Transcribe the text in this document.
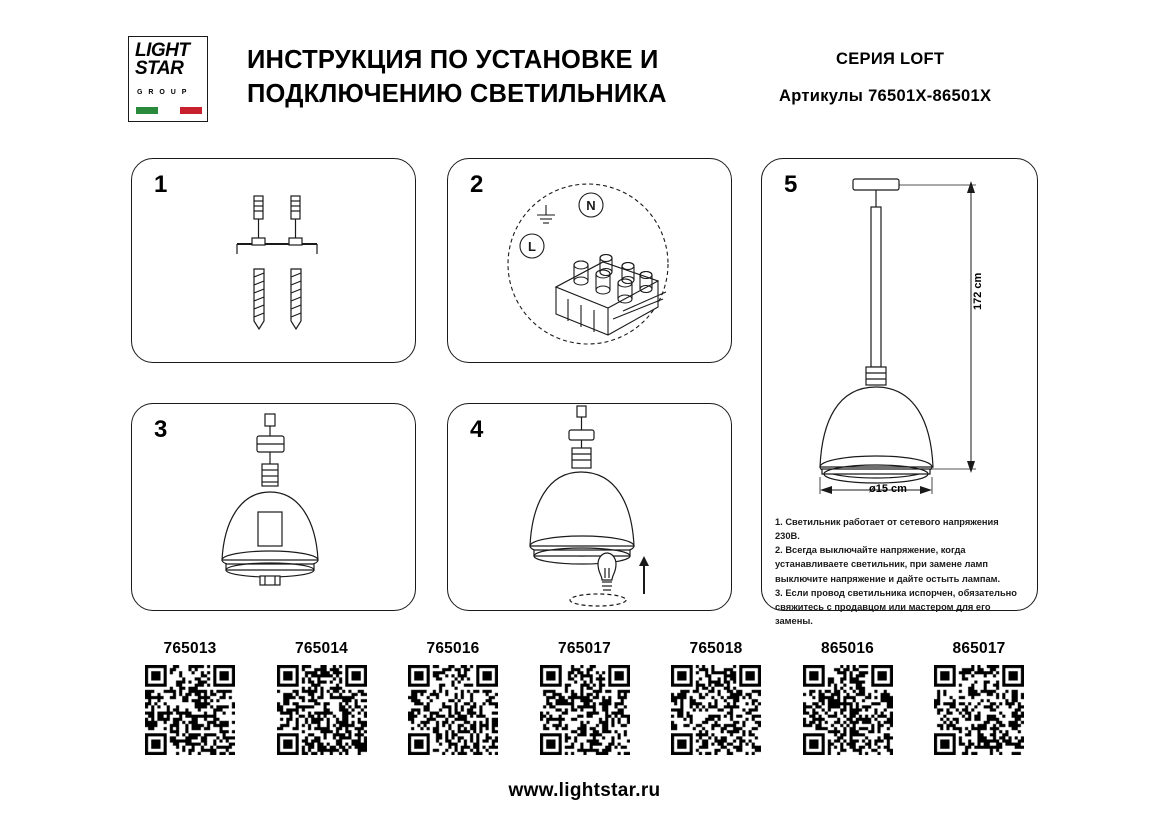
LIGHT
STAR
G R O U P
ИНСТРУКЦИЯ ПО УСТАНОВКЕ И ПОДКЛЮЧЕНИЮ СВЕТИЛЬНИКА
СЕРИЯ LOFT
Артикулы 76501Х-86501Х
1	2
N
L
3	4
5
172 cm
ø15 cm

1. Светильник работает от сетевого напряжения 230В.

2. Всегда выключайте напряжение, когда устанавливаете светильник, при замене ламп выключите напряжение и дайте остыть лампам.

3. Если провод светильника испорчен, обязательно свяжитесь с продавцом или мастером для его замены.

765013	765014	765016	765017	765018	865016	865017
www.lightstar.ru
